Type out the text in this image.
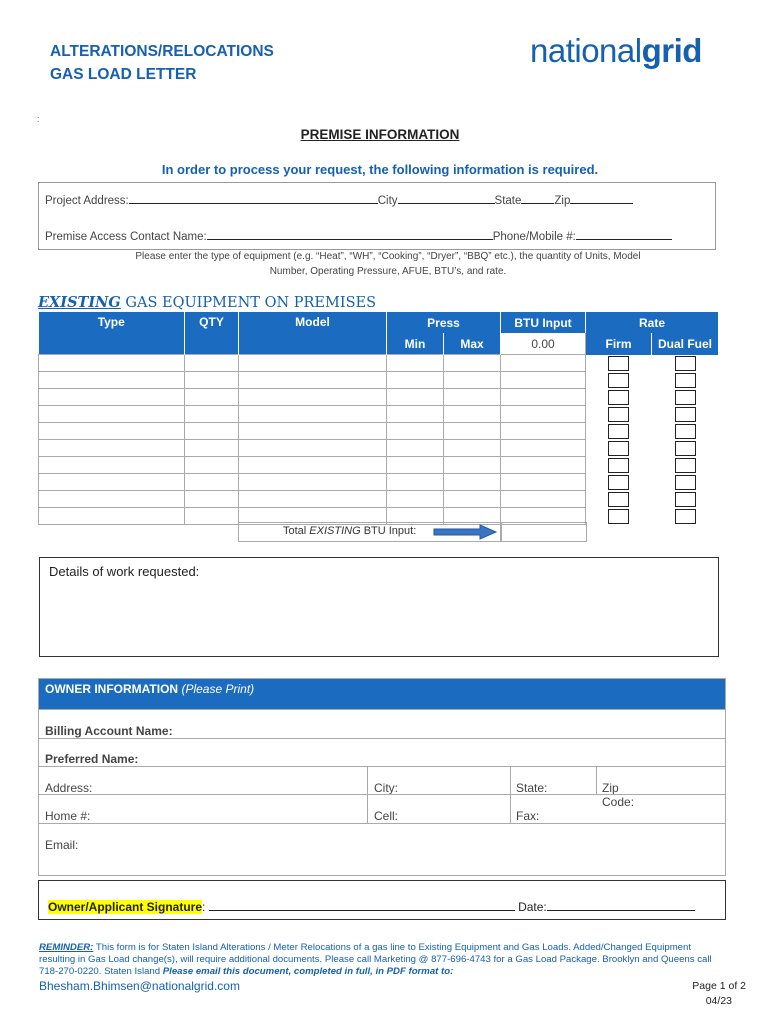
ALTERATIONS/RELOCATIONS
GAS LOAD LETTER
nationalgrid
:
PREMISE INFORMATION
In order to process your request, the following information is required.
Project Address:	City	State	Zip
Premise Access Contact Name:	Phone/Mobile #:
Please enter the type of equipment (e.g. “Heat”, “WH”, “Cooking”, “Dryer”, “BBQ” etc.), the quantity of Units, Model
Number, Operating Pressure, AFUE, BTU’s, and rate.
EXISTING GAS EQUIPMENT ON PREMISES
Type	QTY	Model	Press		BTU Input	Rate	
			Min	Max	0.00	Firm	Dual Fuel

Total EXISTING BTU Input:
Details of work requested:
OWNER INFORMATION (Please Print)
Billing Account Name:
Preferred Name:
Address:	City:	State:	Zip Code:
Home #:	Cell:	Fax:
Email:
Owner/Applicant Signature:	Date:
REMINDER: This form is for Staten Island Alterations / Meter Relocations of a gas line to Existing Equipment and Gas Loads. Added/Changed Equipment resulting in Gas Load change(s), will require additional documents. Please call Marketing @ 877-696-4743 for a Gas Load Package. Brooklyn and Queens call 718-270-0220. Staten Island Please email this document, completed in full, in PDF format to:
Bhesham.Bhimsen@nationalgrid.com	Page 1 of 2
04/23
